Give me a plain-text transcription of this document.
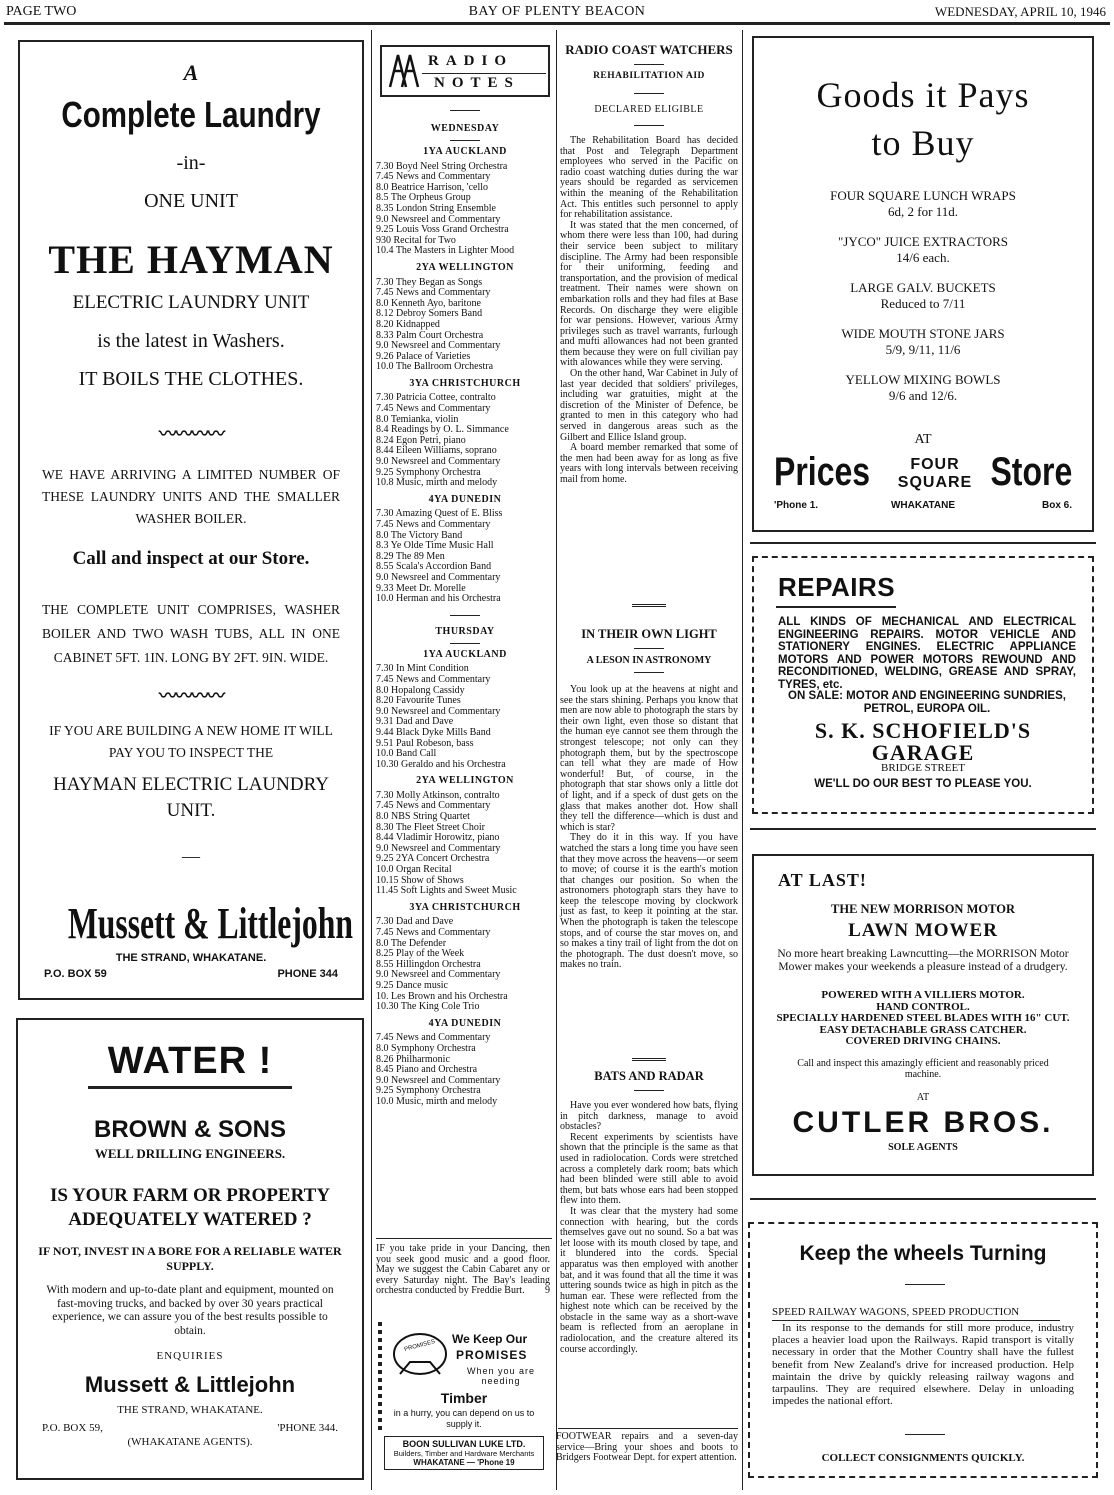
PAGE TWO	BAY OF PLENTY BEACON	WEDNESDAY, APRIL 10, 1946
A
Complete Laundry
-in-
ONE UNIT
THE HAYMAN
ELECTRIC LAUNDRY UNIT
is the latest in Washers.
IT BOILS THE CLOTHES.
〰〰〰〰
WE HAVE ARRIVING A LIMITED NUMBER OF THESE LAUNDRY UNITS AND THE SMALLER WASHER BOILER.
Call and inspect at our Store.
THE COMPLETE UNIT COMPRISES, WASHER BOILER AND TWO WASH TUBS, ALL IN ONE CABINET 5FT. 1IN. LONG BY 2FT. 9IN. WIDE.
〰〰〰〰
IF YOU ARE BUILDING A NEW HOME IT WILL PAY YOU TO INSPECT THE
HAYMAN ELECTRIC LAUNDRY UNIT.
—
Mussett & Littlejohn
THE STRAND, WHAKATANE.
P.O. BOX 59	PHONE 344
WATER !
BROWN & SONS
WELL DRILLING ENGINEERS.
IS YOUR FARM OR PROPERTY ADEQUATELY WATERED ?
IF NOT, INVEST IN A BORE FOR A RELIABLE WATER SUPPLY.
With modern and up-to-date plant and equipment, mounted on fast-moving trucks, and backed by over 30 years practical experience, we can assure you of the best results possible to obtain.
ENQUIRIES
Mussett & Littlejohn
THE STRAND, WHAKATANE.
P.O. BOX 59,	'PHONE 344.
(WHAKATANE AGENTS).
RADIO
NOTES
WEDNESDAY
1YA AUCKLAND
7.30 Boyd Neel String Orchestra
7.45 News and Commentary
8.0 Beatrice Harrison, 'cello
8.5 The Orpheus Group
8.35 London String Ensemble
9.0 Newsreel and Commentary
9.25 Louis Voss Grand Orchestra
930 Recital for Two
10.4 The Masters in Lighter Mood
2YA WELLINGTON
7.30 They Began as Songs
7.45 News and Commentary
8.0 Kenneth Ayo, baritone
8.12 Debroy Somers Band
8.20 Kidnapped
8.33 Palm Court Orchestra
9.0 Newsreel and Commentary
9.26 Palace of Varieties
10.0 The Ballroom Orchestra
3YA CHRISTCHURCH
7.30 Patricia Cottee, contralto
7.45 News and Commentary
8.0 Temianka, violin
8.4 Readings by O. L. Simmance
8.24 Egon Petri, piano
8.44 Eileen Williams, soprano
9.0 Newsreel and Commentary
9.25 Symphony Orchestra
10.8 Music, mirth and melody
4YA DUNEDIN
7.30 Amazing Quest of E. Bliss
7.45 News and Commentary
8.0 The Victory Band
8.3 Ye Olde Time Music Hall
8.29 The 89 Men
8.55 Scala's Accordion Band
9.0 Newsreel and Commentary
9.33 Meet Dr. Morelle
10.0 Herman and his Orchestra
THURSDAY
1YA AUCKLAND
7.30 In Mint Condition
7.45 News and Commentary
8.0 Hopalong Cassidy
8.20 Favourite Tunes
9.0 Newsreel and Commentary
9.31 Dad and Dave
9.44 Black Dyke Mills Band
9.51 Paul Robeson, bass
10.0 Band Call
10.30 Geraldo and his Orchestra
2YA WELLINGTON
7.30 Molly Atkinson, contralto
7.45 News and Commentary
8.0 NBS String Quartet
8.30 The Fleet Street Choir
8.44 Vladimir Horowitz, piano
9.0 Newsreel and Commentary
9.25 2YA Concert Orchestra
10.0 Organ Recital
10.15 Show of Shows
11.45 Soft Lights and Sweet Music
3YA CHRISTCHURCH
7.30 Dad and Dave
7.45 News and Commentary
8.0 The Defender
8.25 Play of the Week
8.55 Hillingdon Orchestra
9.0 Newsreel and Commentary
9.25 Dance music
10. Les Brown and his Orchestra
10.30 The King Cole Trio
4YA DUNEDIN
7.45 News and Commentary
8.0 Symphony Orchestra
8.26 Philharmonic
8.45 Piano and Orchestra
9.0 Newsreel and Commentary
9.25 Symphony Orchestra
10.0 Music, mirth and melody
IF you take pride in your Dancing, then you seek good music and a good floor. May we suggest the Cabin Cabaret any or every Saturday night. The Bay's leading orchestra conducted by Freddie Burt. 9
PROMISES We Keep Our
PROMISES
When you are needing
Timber
in a hurry, you can depend on us to supply it.
BOON SULLIVAN LUKE LTD.
Builders, Timber and Hardware Merchants
WHAKATANE — 'Phone 19
RADIO COAST WATCHERS
REHABILITATION AID
DECLARED ELIGIBLE

The Rehabilitation Board has decided that Post and Telegraph Department employees who served in the Pacific on radio coast watching duties during the war years should be regarded as servicemen within the meaning of the Rehabilitation Act. This entitles such personnel to apply for rehabilitation assistance.

It was stated that the men concerned, of whom there were less than 100, had during their service been subject to military discipline. The Army had been responsible for their uniforming, feeding and transportation, and the provision of medical treatment. Their names were shown on embarkation rolls and they had files at Base Records. On discharge they were eligible for war pensions. However, various Army privileges such as travel warrants, furlough and mufti allowances had not been granted them because they were on full civilian pay with alowances while they were serving.

On the other hand, War Cabinet in July of last year decided that soldiers' privileges, including war gratuities, might at the discretion of the Minister of Defence, be granted to men in this category who had served in dangerous areas such as the Gilbert and Ellice Island group.

A board member remarked that some of the men had been away for as long as five years with long intervals between receiving mail from home.

IN THEIR OWN LIGHT
A LESON IN ASTRONOMY

You look up at the heavens at night and see the stars shining. Perhaps you know that men are now able to photograph the stars by their own light, even those so distant that the human eye cannot see them through the strongest telescope; not only can they photograph them, but by the spectroscope can tell what they are made of How wonderful! But, of course, in the photograph that star shows only a little dot of light, and if a speck of dust gets on the glass that makes another dot. How shall they tell the difference—which is dust and which is star?

They do it in this way. If you have watched the stars a long time you have seen that they move across the heavens—or seem to move; of course it is the earth's motion that changes our position. So when the astronomers photograph stars they have to keep the telescope moving by clockwork just as fast, to keep it pointing at the star. When the photograph is taken the telescope stops, and of course the star moves on, and so makes a tiny trail of light from the dot on the photograph. The dust doesn't move, so makes no train.

BATS AND RADAR

Have you ever wondered how bats, flying in pitch darkness, manage to avoid obstacles?

Recent experiments by scientists have shown that the principle is the same as that used in radiolocation. Cords were stretched across a completely dark room; bats which had been blinded were still able to avoid them, but bats whose ears had been stopped flew into them.

It was clear that the mystery had some connection with hearing, but the cords themselves gave out no sound. So a bat was let loose with its mouth closed by tape, and it blundered into the cords. Special apparatus was then employed with another bat, and it was found that all the time it was uttering sounds twice as high in pitch as the human ear. These were reflected from the highest note which can be received by the obstacle in the same way as a short-wave beam is reflected from an aeroplane in radiolocation, and the creature altered its course accordingly.

FOOTWEAR repairs and a seven-day service—Bring your shoes and boots to Bridgers Footwear Dept. for expert attention.
Goods it Pays
to Buy
FOUR SQUARE LUNCH WRAPS
6d, 2 for 11d.
"JYCO" JUICE EXTRACTORS
14/6 each.
LARGE GALV. BUCKETS
Reduced to 7/11
WIDE MOUTH STONE JARS
5/9, 9/11, 11/6
YELLOW MIXING BOWLS
9/6 and 12/6.
AT
Prices	FOUR
SQUARE Store
'Phone 1.	WHAKATANE	Box 6.
REPAIRS
ALL KINDS OF MECHANICAL AND ELECTRICAL ENGINEERING REPAIRS. MOTOR VEHICLE AND STATIONERY ENGINES. ELECTRIC APPLIANCE MOTORS AND POWER MOTORS REWOUND AND RECONDITIONED, WELDING, GREASE AND SPRAY, TYRES, etc.
ON SALE: MOTOR AND ENGINEERING SUNDRIES, PETROL, EUROPA OIL.
S. K. SCHOFIELD'S
GARAGE
BRIDGE STREET
WE'LL DO OUR BEST TO PLEASE YOU.
AT LAST!
THE NEW MORRISON MOTOR
LAWN MOWER
No more heart breaking Lawncutting—the MORRISON Motor Mower makes your weekends a pleasure instead of a drudgery.
POWERED WITH A VILLIERS MOTOR.
HAND CONTROL.
SPECIALLY HARDENED STEEL BLADES WITH 16" CUT.
EASY DETACHABLE GRASS CATCHER.
COVERED DRIVING CHAINS.
Call and inspect this amazingly efficient and reasonably priced machine.
AT
CUTLER BROS.
SOLE AGENTS
Keep the wheels Turning
SPEED RAILWAY WAGONS, SPEED PRODUCTION
In its response to the demands for still more produce, industry places a heavier load upon the Railways. Rapid transport is vitally necessary in order that the Mother Country shall have the fullest benefit from New Zealand's drive for increased production. Help maintain the drive by quickly releasing railway wagons and tarpaulins. They are required elsewhere. Delay in unloading impedes the national effort.
COLLECT CONSIGNMENTS QUICKLY.
